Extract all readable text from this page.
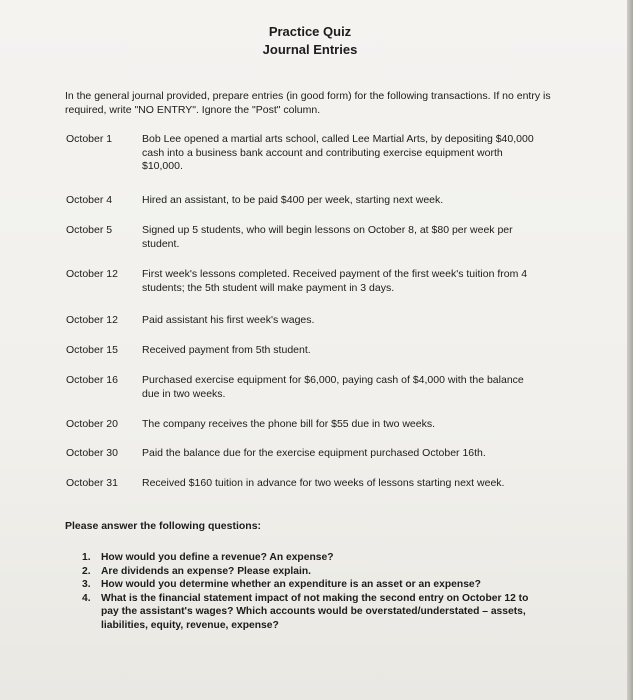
Practice Quiz
Journal Entries
In the general journal provided, prepare entries (in good form) for the following transactions. If no entry is required, write "NO ENTRY". Ignore the "Post" column.
October 1	Bob Lee opened a martial arts school, called Lee Martial Arts, by depositing $40,000 cash into a business bank account and contributing exercise equipment worth $10,000.
October 4	Hired an assistant, to be paid $400 per week, starting next week.
October 5	Signed up 5 students, who will begin lessons on October 8, at $80 per week per student.
October 12	First week's lessons completed. Received payment of the first week's tuition from 4 students; the 5th student will make payment in 3 days.
October 12	Paid assistant his first week's wages.
October 15	Received payment from 5th student.
October 16	Purchased exercise equipment for $6,000, paying cash of $4,000 with the balance due in two weeks.
October 20	The company receives the phone bill for $55 due in two weeks.
October 30	Paid the balance due for the exercise equipment purchased October 16th.
October 31	Received $160 tuition in advance for two weeks of lessons starting next week.
Please answer the following questions:
1. How would you define a revenue? An expense?
2. Are dividends an expense? Please explain.
3. How would you determine whether an expenditure is an asset or an expense?
4. What is the financial statement impact of not making the second entry on October 12 to pay the assistant's wages? Which accounts would be overstated/understated – assets, liabilities, equity, revenue, expense?
